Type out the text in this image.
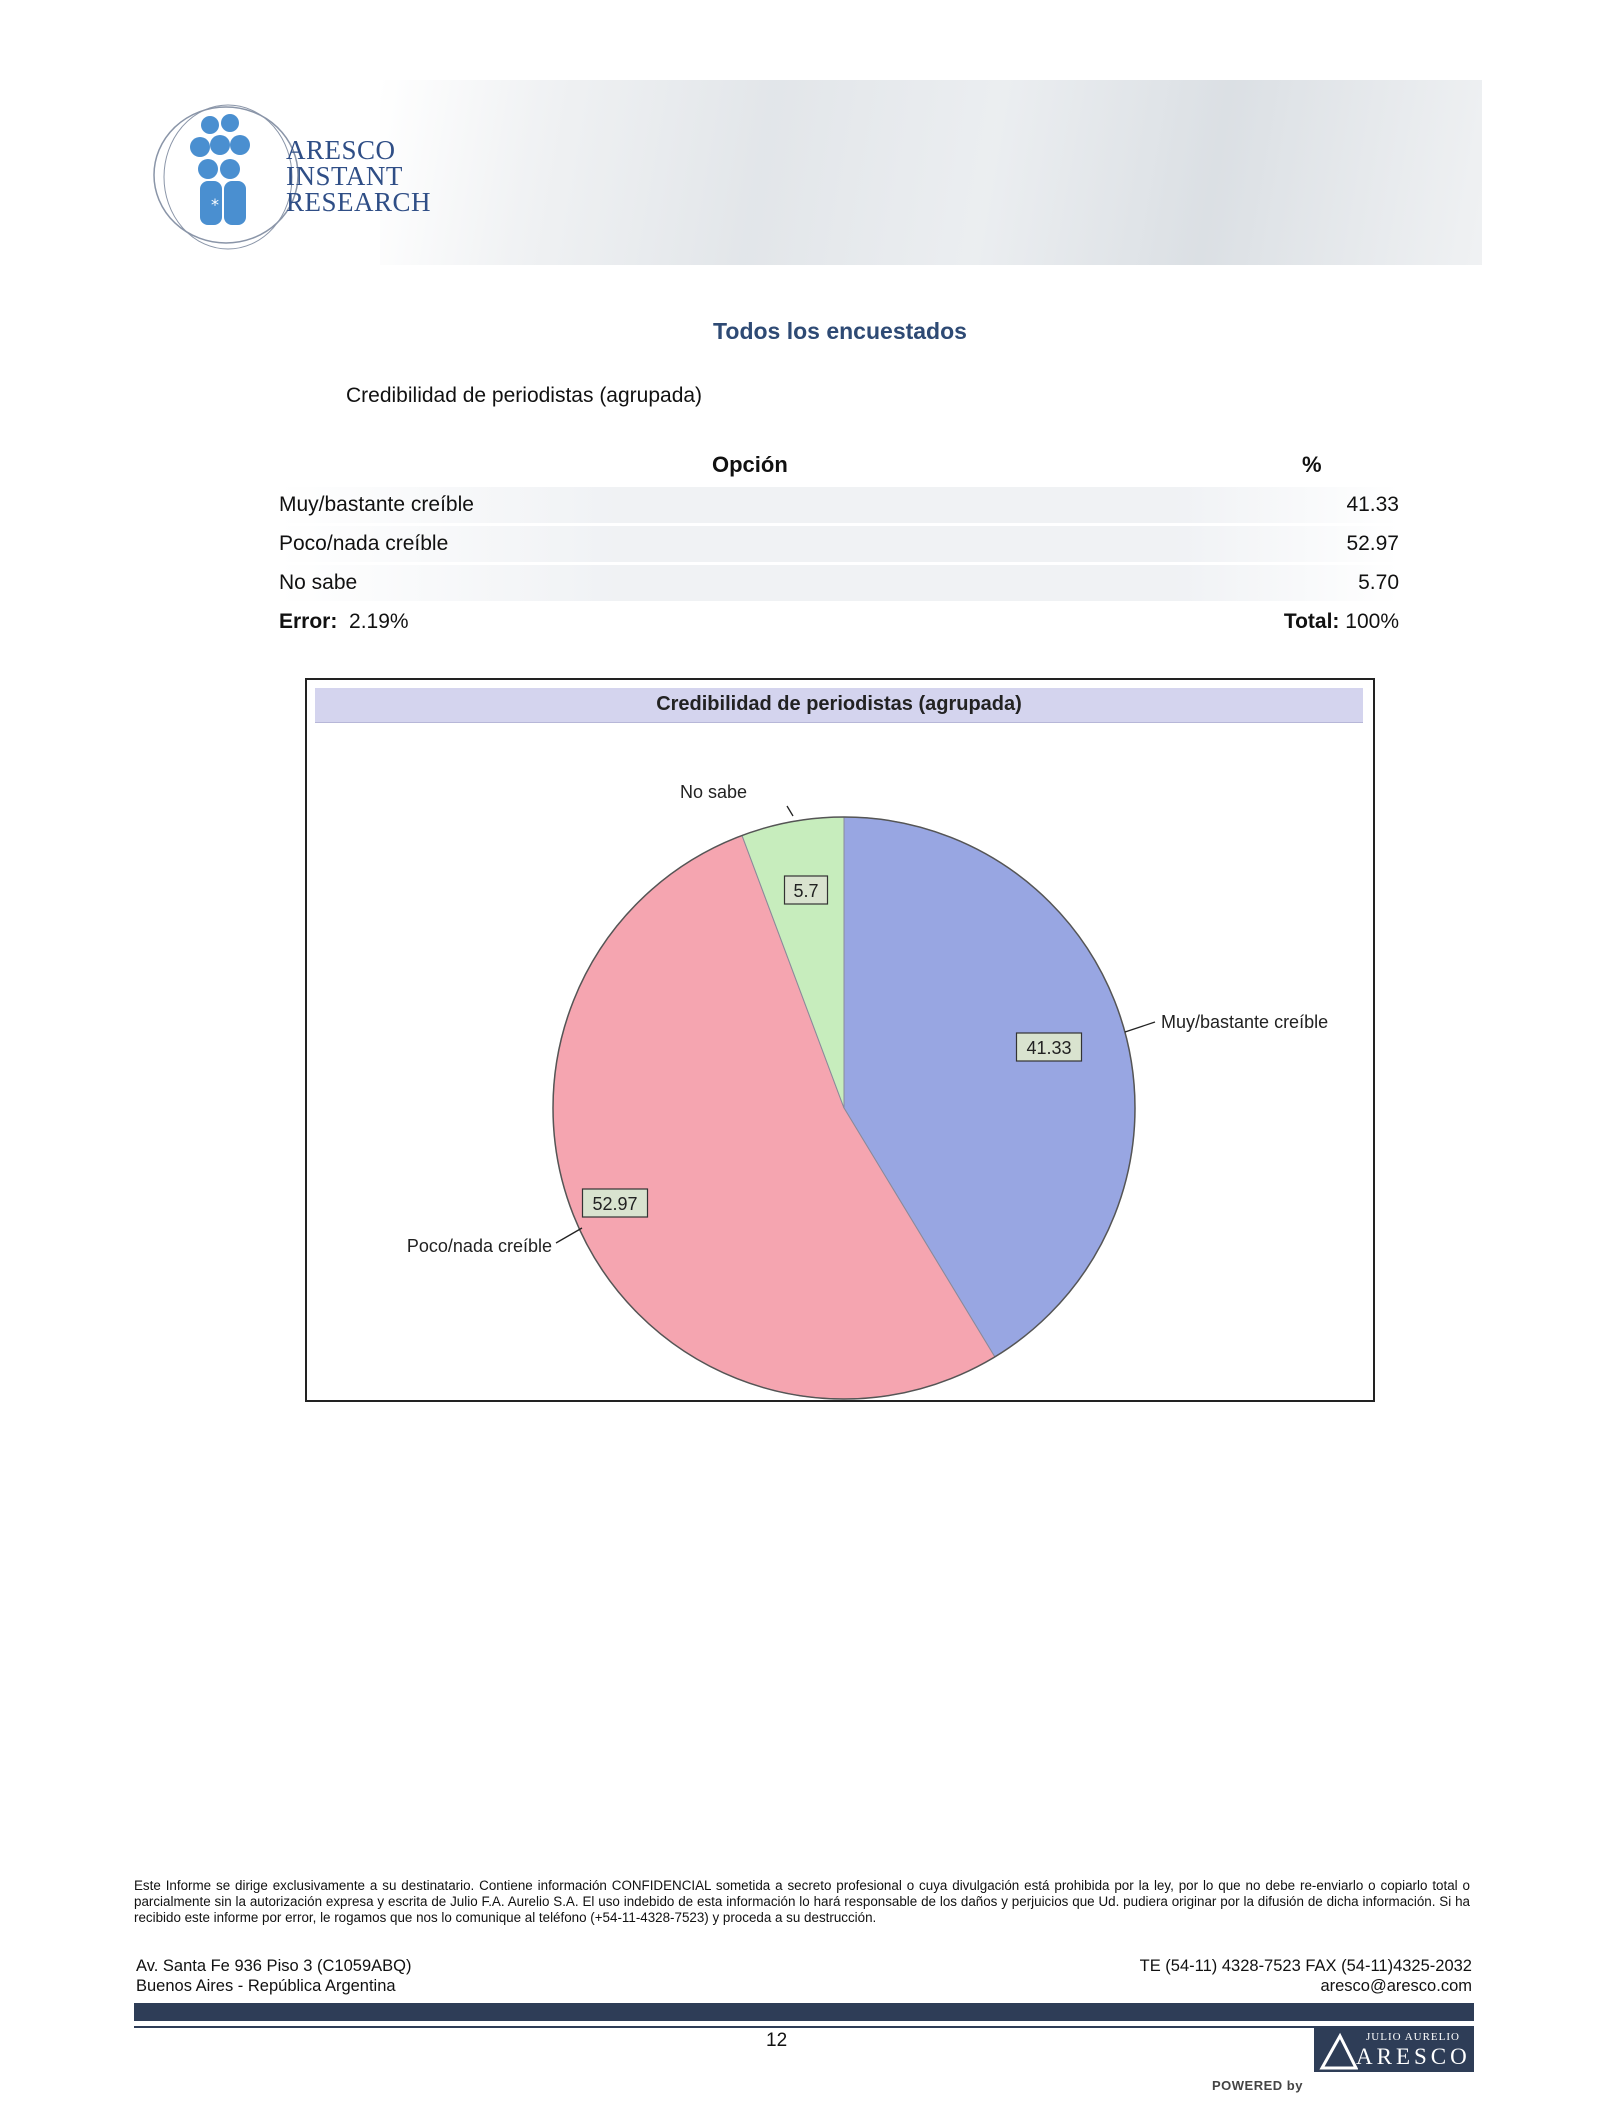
*
ARESCO
INSTANT
RESEARCH
Todos los encuestados
Credibilidad de periodistas (agrupada)
Opción	%
Muy/bastante creíble	41.33
Poco/nada creíble	52.97
No sabe	5.70
Error: 2.19%	Total: 100%
Credibilidad de periodistas (agrupada)
41.33
Muy/bastante creíble
52.97
Poco/nada creíble
5.7
No sabe
Este Informe se dirige exclusivamente a su destinatario. Contiene información CONFIDENCIAL sometida a secreto profesional o cuya divulgación está prohibida por la ley, por lo que no debe re-enviarlo o copiarlo total o parcialmente sin la autorización expresa y escrita de Julio F.A. Aurelio S.A. El uso indebido de esta información lo hará responsable de los daños y perjuicios que Ud. pudiera originar por la difusión de dicha información. Si ha recibido este informe por error, le rogamos que nos lo comunique al teléfono (+54-11-4328-7523) y proceda a su destrucción.
Av. Santa Fe 936 Piso 3 (C1059ABQ)
Buenos Aires - República Argentina
TE (54-11) 4328-7523 FAX (54-11)4325-2032
aresco@aresco.com
12
POWERED by
JULIO AURELIO
ARESCO
